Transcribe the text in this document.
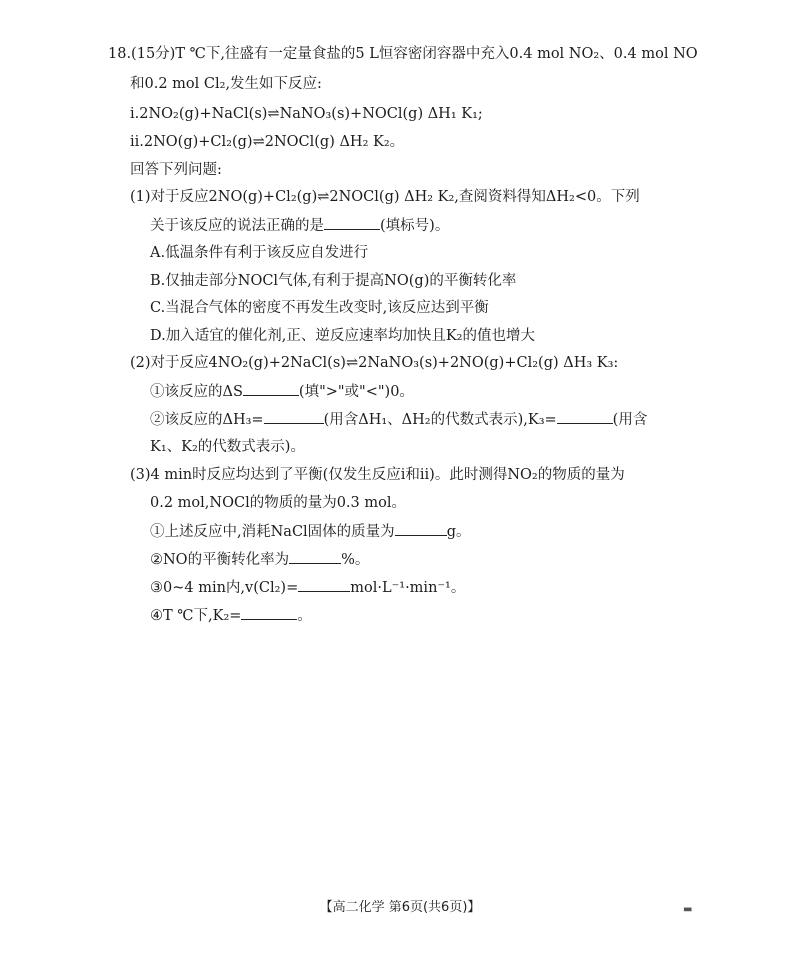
18.(15分)T ℃下,往盛有一定量食盐的5 L恒容密闭容器中充入0.4 mol NO₂、0.4 mol NO
和0.2 mol Cl₂,发生如下反应:
ⅰ.2NO₂(g)+NaCl(s)⇌NaNO₃(s)+NOCl(g) ΔH₁ K₁;
ⅱ.2NO(g)+Cl₂(g)⇌2NOCl(g) ΔH₂ K₂。
回答下列问题:
(1)对于反应2NO(g)+Cl₂(g)⇌2NOCl(g) ΔH₂ K₂,查阅资料得知ΔH₂<0。下列
关于该反应的说法正确的是	(填标号)。
A.低温条件有利于该反应自发进行
B.仅抽走部分NOCl气体,有利于提高NO(g)的平衡转化率
C.当混合气体的密度不再发生改变时,该反应达到平衡
D.加入适宜的催化剂,正、逆反应速率均加快且K₂的值也增大
(2)对于反应4NO₂(g)+2NaCl(s)⇌2NaNO₃(s)+2NO(g)+Cl₂(g) ΔH₃ K₃:
①该反应的ΔS	(填">"或"<")0。
②该反应的ΔH₃=	(用含ΔH₁、ΔH₂的代数式表示),K₃=	(用含
K₁、K₂的代数式表示)。
(3)4 min时反应均达到了平衡(仅发生反应ⅰ和ⅱ)。此时测得NO₂的物质的量为
0.2 mol,NOCl的物质的量为0.3 mol。
①上述反应中,消耗NaCl固体的质量为	g。
②NO的平衡转化率为	%。
③0~4 min内,v(Cl₂)=	mol·L⁻¹·min⁻¹。
④T ℃下,K₂=	。
【高二化学 第6页(共6页)】	▬
